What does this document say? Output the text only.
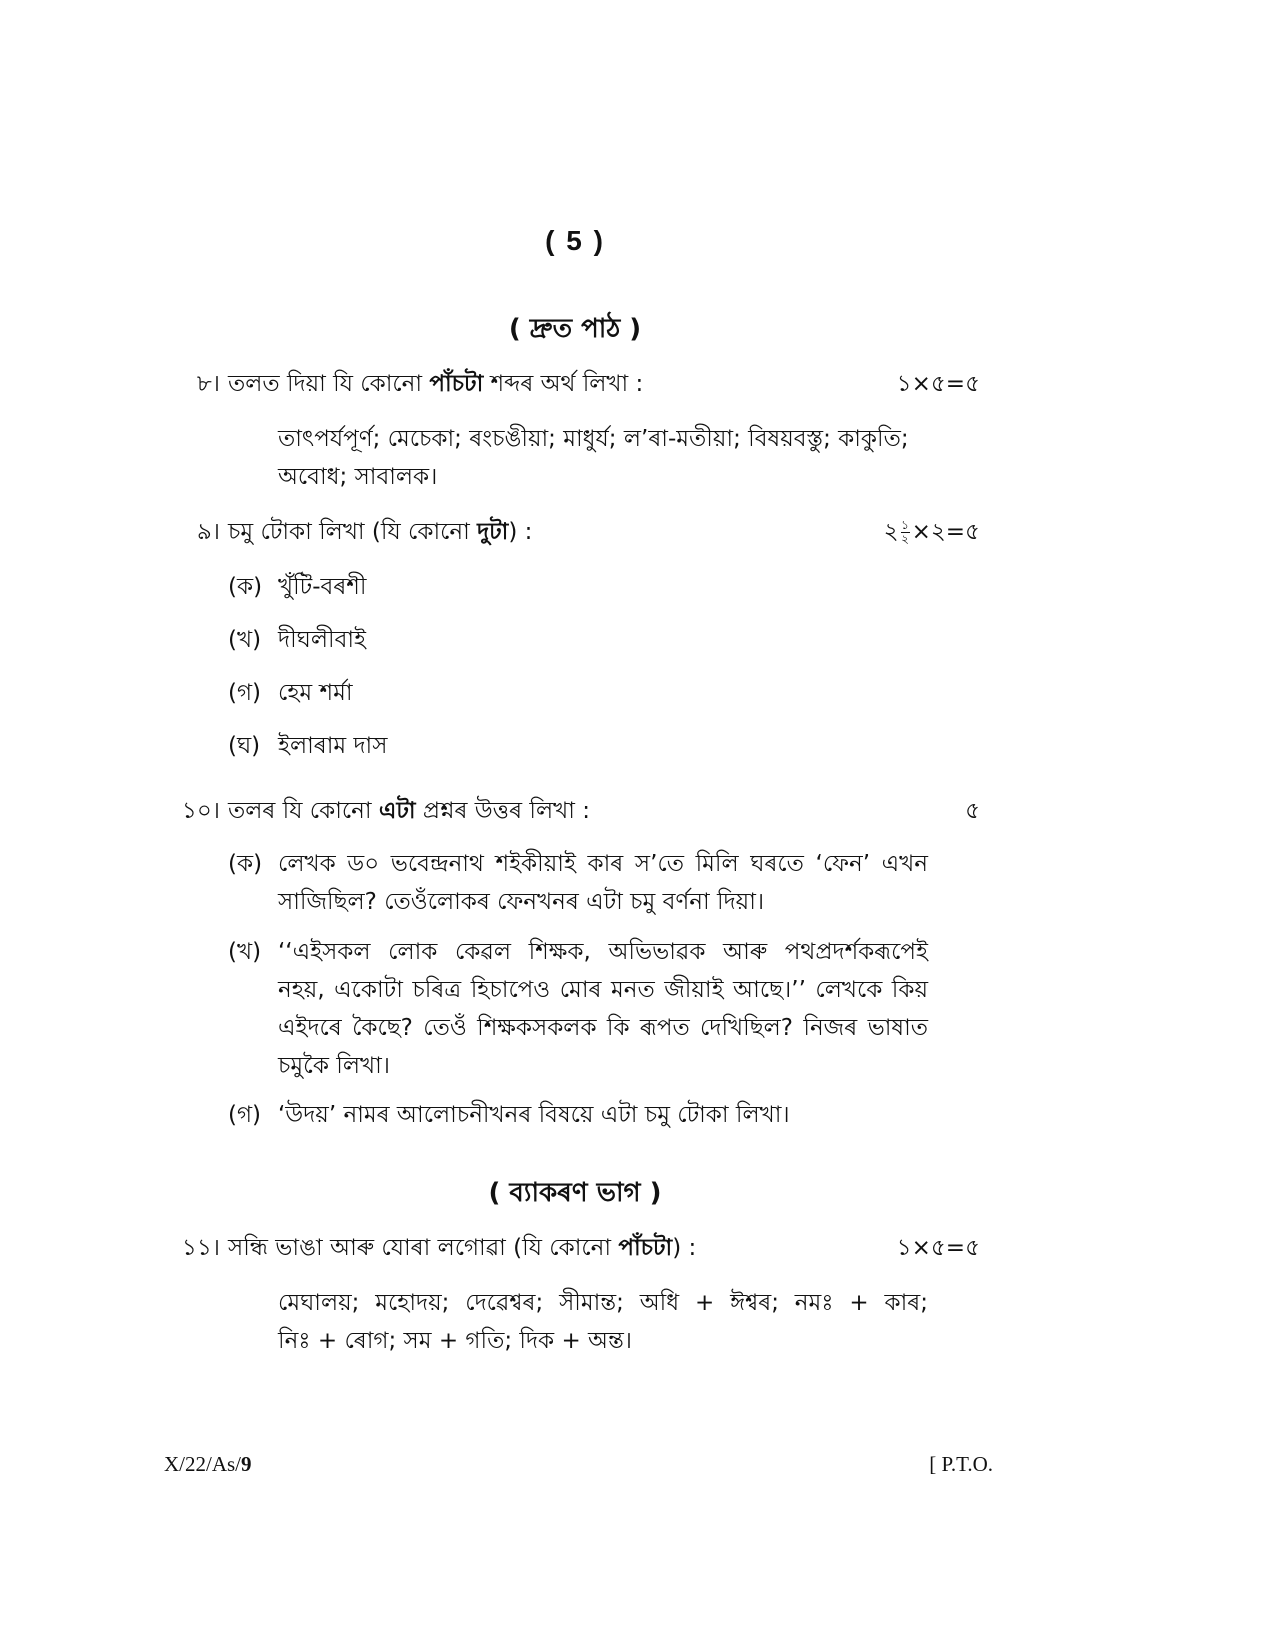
( 5 )
( দ্ৰুত পাঠ )
৮। তলত দিয়া যি কোনো পাঁচটা শব্দৰ অৰ্থ লিখা :	১×৫=৫
তাৎপৰ্যপূৰ্ণ; মেচেকা; ৰংচঙীয়া; মাধুৰ্য; ল’ৰা-মতীয়া; বিষয়বস্তু; কাকুতি;
অবোধ; সাবালক।
৯। চমু টোকা লিখা (যি কোনো দুটা) :	২ $\frac{১}{২}$ ×২=৫
(ক) খুঁটি-বৰশী
(খ) দীঘলীবাই
(গ) হেম শৰ্মা
(ঘ) ইলাৰাম দাস
১০। তলৰ যি কোনো এটা প্ৰশ্নৰ উত্তৰ লিখা :	৫
(ক) লেখক ড০ ভবেন্দ্ৰনাথ শইকীয়াই কাৰ স’তে মিলি ঘৰতে ‘ফেন’ এখন
সাজিছিল? তেওঁলোকৰ ফেনখনৰ এটা চমু বৰ্ণনা দিয়া।
(খ) ‘‘এইসকল লোক কেৱল শিক্ষক, অভিভাৱক আৰু পথপ্ৰদৰ্শকৰূপেই
নহয়, একোটা চৰিত্ৰ হিচাপেও মোৰ মনত জীয়াই আছে।’’ লেখকে কিয়
এইদৰে কৈছে? তেওঁ শিক্ষকসকলক কি ৰূপত দেখিছিল? নিজৰ ভাষাত
চমুকৈ লিখা।
(গ) ‘উদয়’ নামৰ আলোচনীখনৰ বিষয়ে এটা চমু টোকা লিখা।
( ব্যাকৰণ ভাগ )
১১। সন্ধি ভাঙা আৰু যোৰা লগোৱা (যি কোনো পাঁচটা) :	১×৫=৫
মেঘালয়; মহোদয়; দেৱেশ্বৰ; সীমান্ত; অধি + ঈশ্বৰ; নমঃ + কাৰ;
নিঃ + ৰোগ; সম + গতি; দিক + অন্ত।
X/22/As/9	[ P.T.O.
